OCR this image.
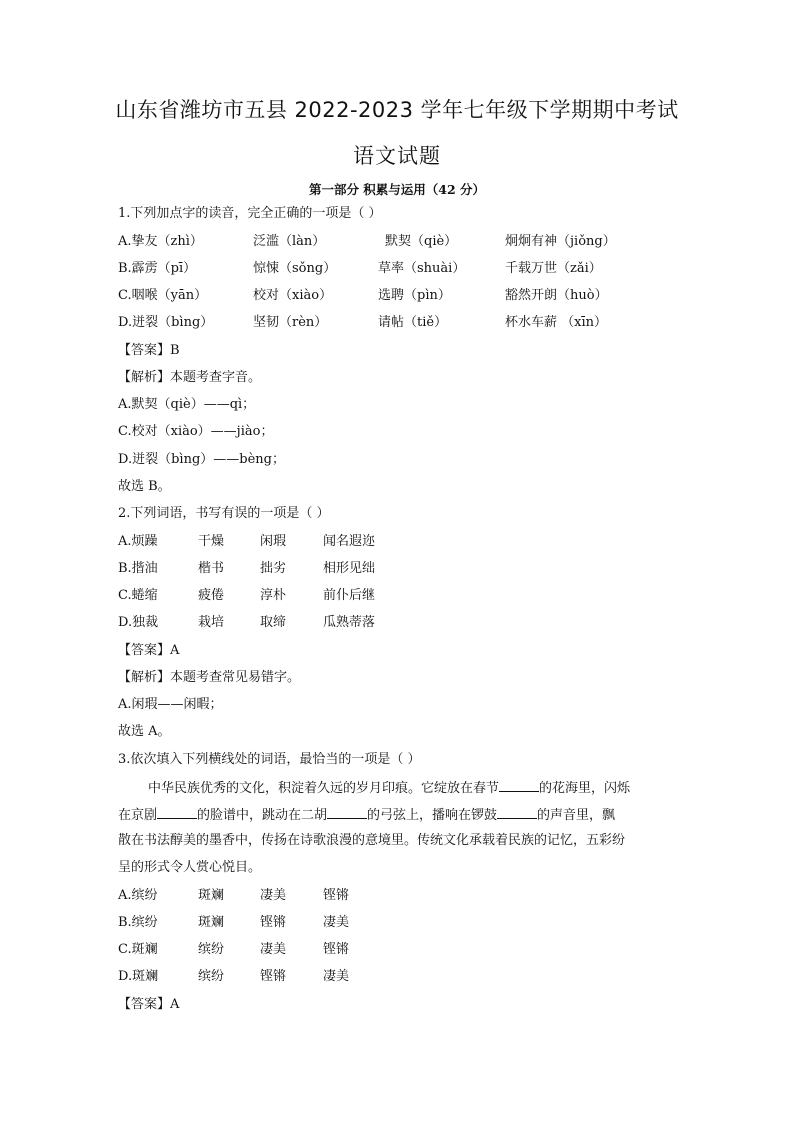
山东省潍坊市五县 2022-2023 学年七年级下学期期中考试
语文试题
第一部分 积累与运用（42 分）
1.下列加点字的读音，完全正确的一项是（ ）
A.挚友（zhì）	泛滥（làn）	默契（qiè）	炯炯有神（jiǒng）
B.霹雳（pī）	惊悚（sǒng）	草率（shuài）	千载万世（zǎi）
C.咽喉（yān）	校对（xiào）	选聘（pìn）	豁然开朗（huò）
D.迸裂（bìng）	坚韧（rèn）	请帖（tiě）	杯水车薪 （xīn）
【答案】B
【解析】本题考查字音。
A.默契（qiè）——qì；
C.校对（xiào）——jiào；
D.迸裂（bìng）——bèng；
故选 B。
2.下列词语，书写有误的一项是（ ）
A.烦躁	干燥	闲瑕	闻名遐迩
B.揩油	楷书	拙劣	相形见绌
C.蜷缩	疲倦	淳朴	前仆后继
D.独裁	栽培	取缔	瓜熟蒂落
【答案】A
【解析】本题考查常见易错字。
A.闲瑕——闲暇；
故选 A。
3.依次填入下列横线处的词语，最恰当的一项是（ ）
中华民族优秀的文化，积淀着久远的岁月印痕。它绽放在春节	的花海里，闪烁
在京剧	的脸谱中，跳动在二胡	的弓弦上，播响在锣鼓	的声音里，飘
散在书法醇美的墨香中，传扬在诗歌浪漫的意境里。传统文化承载着民族的记忆，五彩纷
呈的形式令人赏心悦目。
A.缤纷	斑斓	凄美	铿锵
B.缤纷	斑斓	铿锵	凄美
C.斑斓	缤纷	凄美	铿锵
D.斑斓	缤纷	铿锵	凄美
【答案】A
